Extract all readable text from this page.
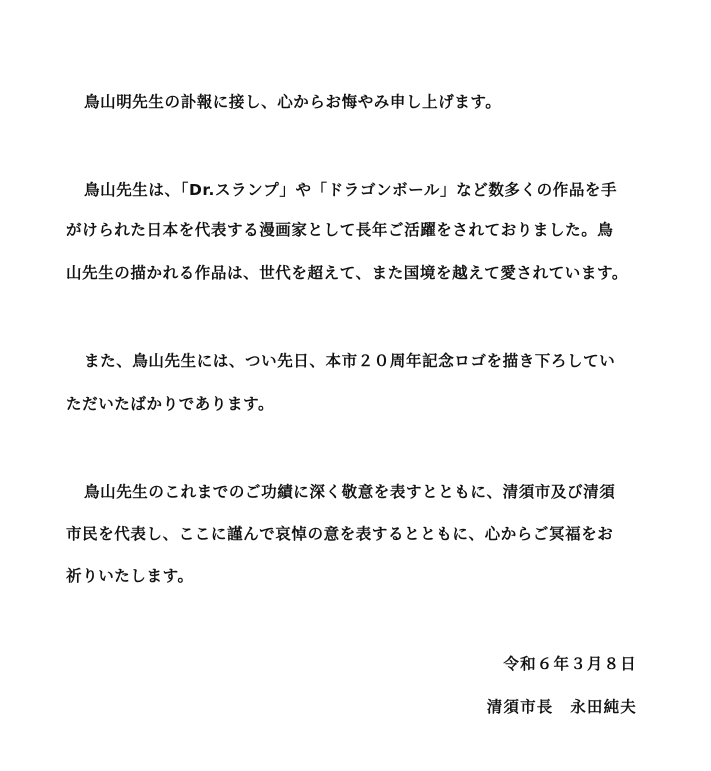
鳥山明先生の訃報に接し、心からお悔やみ申し上げます。
鳥山先生は、「Dr.スランプ」や「ドラゴンボール」など数多くの作品を手
がけられた日本を代表する漫画家として長年ご活躍をされておりました。鳥
山先生の描かれる作品は、世代を超えて、また国境を越えて愛されています。
また、鳥山先生には、つい先日、本市２０周年記念ロゴを描き下ろしてい
ただいたばかりであります。
鳥山先生のこれまでのご功績に深く敬意を表すとともに、清須市及び清須
市民を代表し、ここに謹んで哀悼の意を表するとともに、心からご冥福をお
祈りいたします。
令和６年３月８日
清須市長　永田純夫
